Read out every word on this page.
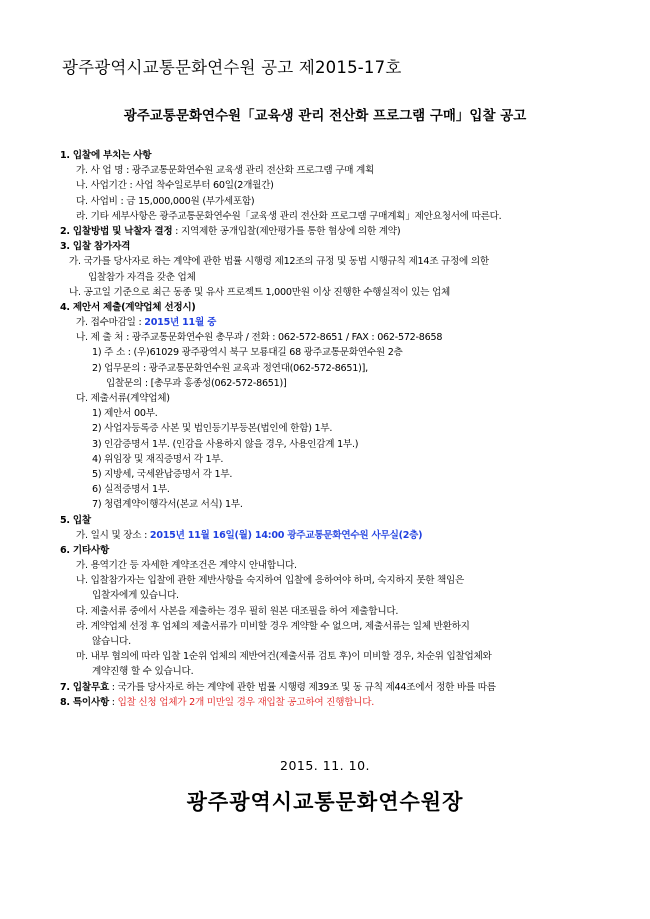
광주광역시교통문화연수원 공고 제2015-17호
광주교통문화연수원「교육생 관리 전산화 프로그램 구매」입찰 공고
1. 입찰에 부치는 사항
가. 사 업 명 : 광주교통문화연수원 교육생 관리 전산화 프로그램 구매 계획
나. 사업기간 : 사업 착수일로부터 60일(2개월간)
다. 사업비 : 금 15,000,000원 (부가세포함)
라. 기타 세부사항은 광주교통문화연수원「교육생 관리 전산화 프로그램 구매계획」제안요청서에 따른다.
2. 입찰방법 및 낙찰자 결정 : 지역제한 공개입찰(제안평가를 통한 협상에 의한 계약)
3. 입찰 참가자격
가. 국가를 당사자로 하는 계약에 관한 법률 시행령 제12조의 규정 및 동법 시행규칙 제14조 규정에 의한
입찰참가 자격을 갖춘 업체
나. 공고일 기준으로 최근 동종 및 유사 프로젝트 1,000만원 이상 진행한 수행실적이 있는 업체
4. 제안서 제출(계약업체 선정시)
가. 접수마감일 : 2015년 11월 중
나. 제 출 처 : 광주교통문화연수원 총무과 / 전화 : 062-572-8651 / FAX : 062-572-8658
1) 주 소 : (우)61029 광주광역시 북구 모룡대길 68 광주교통문화연수원 2층
2) 업무문의 : 광주교통문화연수원 교육과 정연대(062-572-8651)],
입찰문의 : [총무과 홍종성(062-572-8651)]
다. 제출서류(계약업체)
1) 제안서 00부.
2) 사업자등록증 사본 및 법인등기부등본(법인에 한함) 1부.
3) 인감증명서 1부. (인감을 사용하지 않을 경우, 사용인감계 1부.)
4) 위임장 및 재직증명서 각 1부.
5) 지방세, 국세완납증명서 각 1부.
6) 실적증명서 1부.
7) 청렴계약이행각서(본교 서식) 1부.
5. 입찰
가. 일시 및 장소 : 2015년 11월 16일(월) 14:00 광주교통문화연수원 사무실(2층)
6. 기타사항
가. 용역기간 등 자세한 계약조건은 계약시 안내합니다.
나. 입찰참가자는 입찰에 관한 제반사항을 숙지하여 입찰에 응하여야 하며, 숙지하지 못한 책임은
입찰자에게 있습니다.
다. 제출서류 중에서 사본을 제출하는 경우 필히 원본 대조필을 하여 제출합니다.
라. 계약업체 선정 후 업체의 제출서류가 미비할 경우 계약할 수 없으며, 제출서류는 일체 반환하지
않습니다.
마. 내부 협의에 따라 입찰 1순위 업체의 제반여건(제출서류 검토 후)이 미비할 경우, 차순위 입찰업체와
계약진행 할 수 있습니다.
7. 입찰무효 : 국가를 당사자로 하는 계약에 관한 법률 시행령 제39조 및 동 규칙 제44조에서 정한 바를 따름
8. 특이사항 : 입찰 신청 업체가 2개 미만일 경우 재입찰 공고하여 진행합니다.
2015. 11. 10.
광주광역시교통문화연수원장
